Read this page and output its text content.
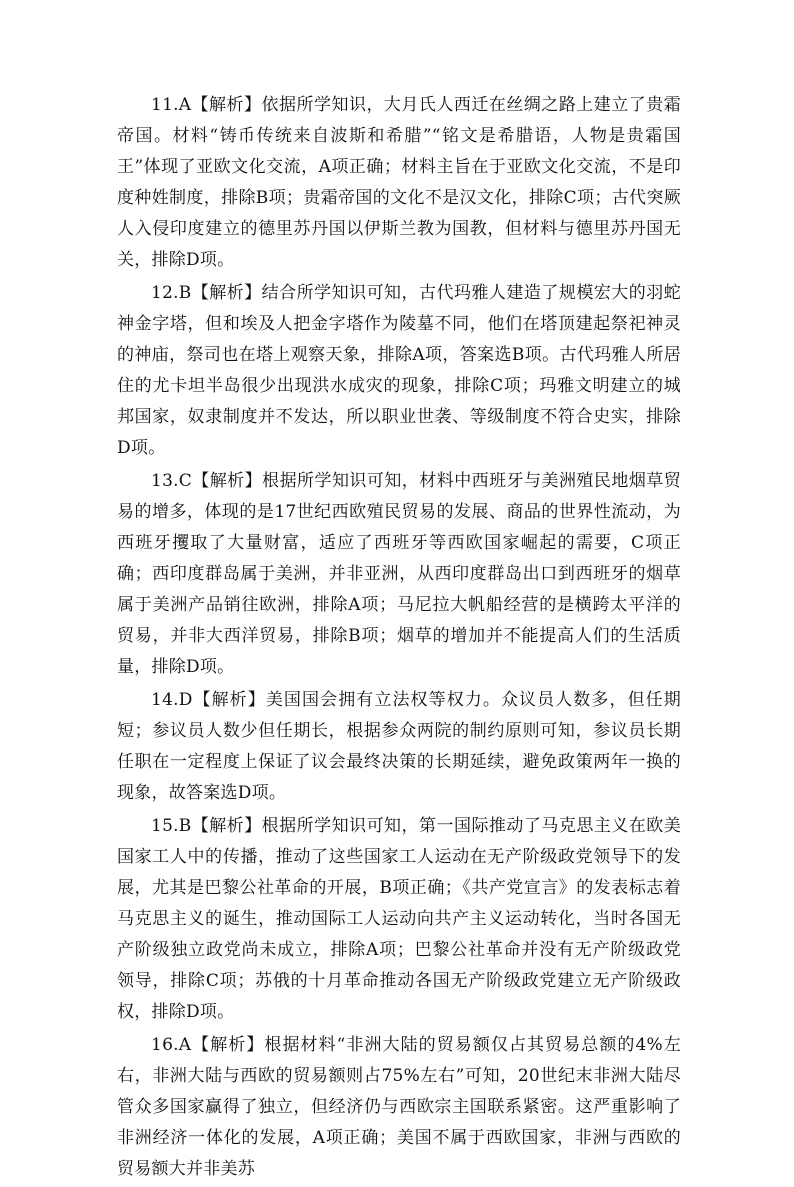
11.A【解析】依据所学知识，大月氏人西迁在丝绸之路上建立了贵霜帝国。材料“铸币传统来自波斯和希腊”“铭文是希腊语，人物是贵霜国王”体现了亚欧文化交流，A项正确；材料主旨在于亚欧文化交流，不是印度种姓制度，排除B项；贵霜帝国的文化不是汉文化，排除C项；古代突厥人入侵印度建立的德里苏丹国以伊斯兰教为国教，但材料与德里苏丹国无关，排除D项。

12.B【解析】结合所学知识可知，古代玛雅人建造了规模宏大的羽蛇神金字塔，但和埃及人把金字塔作为陵墓不同，他们在塔顶建起祭祀神灵的神庙，祭司也在塔上观察天象，排除A项，答案选B项。古代玛雅人所居住的尤卡坦半岛很少出现洪水成灾的现象，排除C项；玛雅文明建立的城邦国家，奴隶制度并不发达，所以职业世袭、等级制度不符合史实，排除D项。

13.C【解析】根据所学知识可知，材料中西班牙与美洲殖民地烟草贸易的增多，体现的是17世纪西欧殖民贸易的发展、商品的世界性流动，为西班牙攫取了大量财富，适应了西班牙等西欧国家崛起的需要，C项正确；西印度群岛属于美洲，并非亚洲，从西印度群岛出口到西班牙的烟草属于美洲产品销往欧洲，排除A项；马尼拉大帆船经营的是横跨太平洋的贸易，并非大西洋贸易，排除B项；烟草的增加并不能提高人们的生活质量，排除D项。

14.D【解析】美国国会拥有立法权等权力。众议员人数多，但任期短；参议员人数少但任期长，根据参众两院的制约原则可知，参议员长期任职在一定程度上保证了议会最终决策的长期延续，避免政策两年一换的现象，故答案选D项。

15.B【解析】根据所学知识可知，第一国际推动了马克思主义在欧美国家工人中的传播，推动了这些国家工人运动在无产阶级政党领导下的发展，尤其是巴黎公社革命的开展，B项正确；《共产党宣言》的发表标志着马克思主义的诞生，推动国际工人运动向共产主义运动转化，当时各国无产阶级独立政党尚未成立，排除A项；巴黎公社革命并没有无产阶级政党领导，排除C项；苏俄的十月革命推动各国无产阶级政党建立无产阶级政权，排除D项。

16.A【解析】根据材料“非洲大陆的贸易额仅占其贸易总额的4%左右，非洲大陆与西欧的贸易额则占75%左右”可知，20世纪末非洲大陆尽管众多国家赢得了独立，但经济仍与西欧宗主国联系紧密。这严重影响了非洲经济一体化的发展，A项正确；美国不属于西欧国家，非洲与西欧的贸易额大并非美苏
